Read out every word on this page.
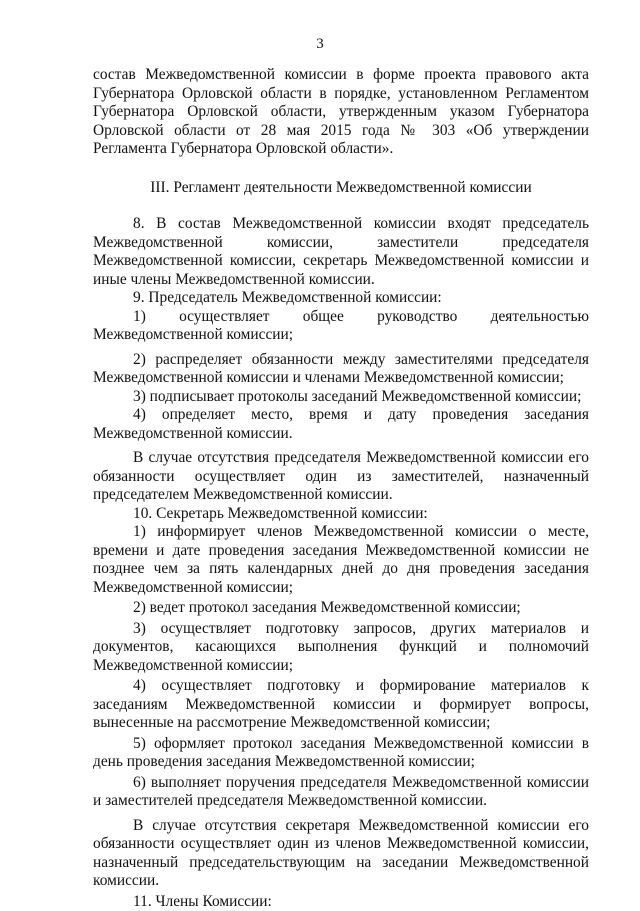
3

состав Межведомственной комиссии в форме проекта правового акта Губернатора Орловской области в порядке, установленном Регламентом Губернатора Орловской области, утвержденным указом Губернатора Орловской области от 28 мая 2015 года № 303 «Об утверждении Регламента Губернатора Орловской области».

III. Регламент деятельности Межведомственной комиссии

8. В состав Межведомственной комиссии входят председатель Межведомственной комиссии, заместители председателя Межведомственной комиссии, секретарь Межведомственной комиссии и иные члены Межведомственной комиссии.

9. Председатель Межведомственной комиссии:

1) осуществляет общее руководство деятельностью Межведомственной комиссии;

2) распределяет обязанности между заместителями председателя Межведомственной комиссии и членами Межведомственной комиссии;

3) подписывает протоколы заседаний Межведомственной комиссии;

4) определяет место, время и дату проведения заседания Межведомственной комиссии.

В случае отсутствия председателя Межведомственной комиссии его обязанности осуществляет один из заместителей, назначенный председателем Межведомственной комиссии.

10. Секретарь Межведомственной комиссии:

1) информирует членов Межведомственной комиссии о месте, времени и дате проведения заседания Межведомственной комиссии не позднее чем за пять календарных дней до дня проведения заседания Межведомственной комиссии;

2) ведет протокол заседания Межведомственной комиссии;

3) осуществляет подготовку запросов, других материалов и документов, касающихся выполнения функций и полномочий Межведомственной комиссии;

4) осуществляет подготовку и формирование материалов к заседаниям Межведомственной комиссии и формирует вопросы, вынесенные на рассмотрение Межведомственной комиссии;

5) оформляет протокол заседания Межведомственной комиссии в день проведения заседания Межведомственной комиссии;

6) выполняет поручения председателя Межведомственной комиссии и заместителей председателя Межведомственной комиссии.

В случае отсутствия секретаря Межведомственной комиссии его обязанности осуществляет один из членов Межведомственной комиссии, назначенный председательствующим на заседании Межведомственной комиссии.

11. Члены Комиссии:
